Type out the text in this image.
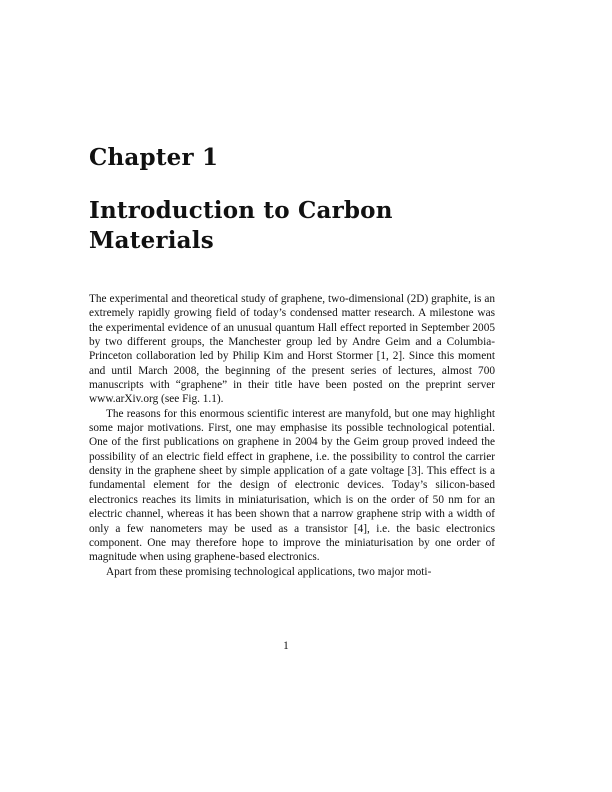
Chapter 1
Introduction to Carbon Materials

The experimental and theoretical study of graphene, two-dimensional (2D) graphite, is an extremely rapidly growing field of today’s condensed matter research. A milestone was the experimental evidence of an unusual quantum Hall effect reported in September 2005 by two different groups, the Manchester group led by Andre Geim and a Columbia-Princeton collaboration led by Philip Kim and Horst Stormer [1, 2]. Since this moment and until March 2008, the beginning of the present series of lectures, almost 700 manuscripts with “graphene” in their title have been posted on the preprint server www.arXiv.org (see Fig. 1.1).

The reasons for this enormous scientific interest are manyfold, but one may highlight some major motivations. First, one may emphasise its possible technological potential. One of the first publications on graphene in 2004 by the Geim group proved indeed the possibility of an electric field effect in graphene, i.e. the possibility to control the carrier density in the graphene sheet by simple application of a gate voltage [3]. This effect is a fundamental element for the design of electronic devices. Today’s silicon-based electronics reaches its limits in miniaturisation, which is on the order of 50 nm for an electric channel, whereas it has been shown that a narrow graphene strip with a width of only a few nanometers may be used as a transistor [4], i.e. the basic electronics component. One may therefore hope to improve the miniaturisation by one order of magnitude when using graphene-based electronics.

Apart from these promising technological applications, two major moti-

1
